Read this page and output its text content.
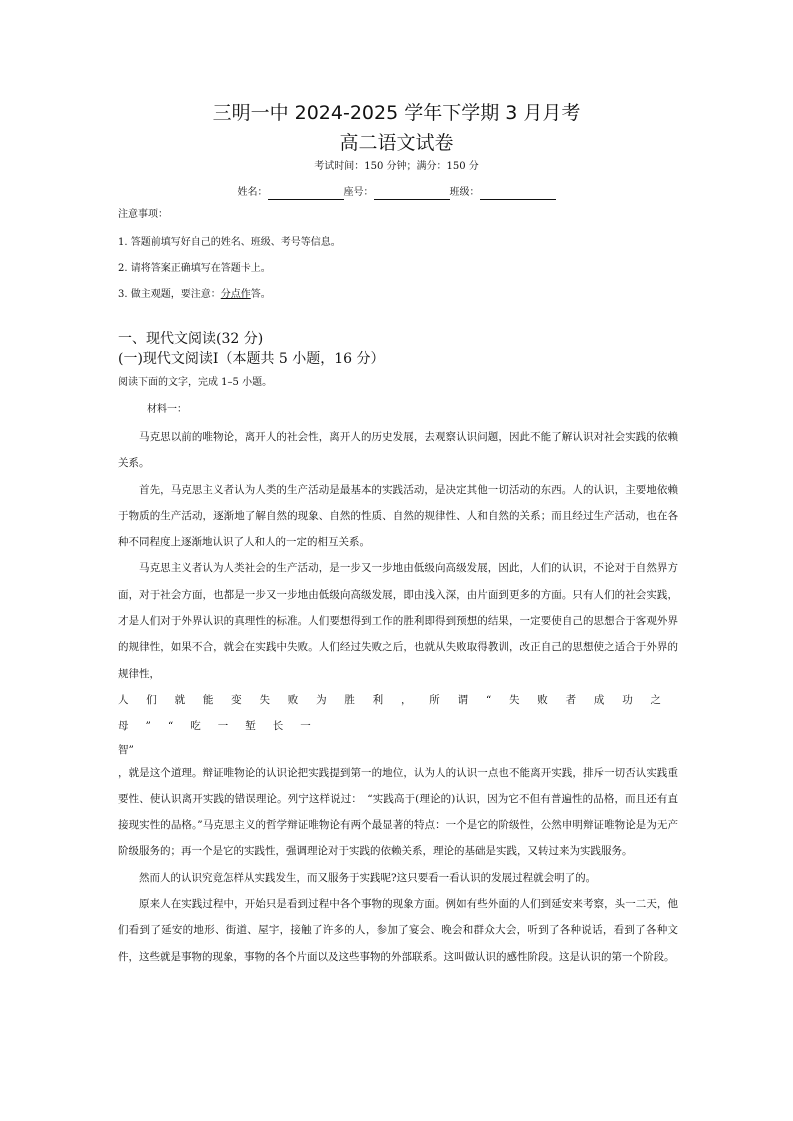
三明一中 2024-2025 学年下学期 3 月月考
高二语文试卷
考试时间：150 分钟；满分：150 分
姓名：	座号：	班级：
注意事项：
1. 答题前填写好自己的姓名、班级、考号等信息。
2. 请将答案正确填写在答题卡上。
3. 做主观题，要注意：分点作答。
一、现代文阅读(32 分)
(一)现代文阅读Ⅰ（本题共 5 小题，16 分）
阅读下面的文字，完成 1–5 小题。
材料一：

马克思以前的唯物论，离开人的社会性，离开人的历史发展，去观察认识问题，因此不能了解认识对社会实践的依赖关系。

首先，马克思主义者认为人类的生产活动是最基本的实践活动，是决定其他一切活动的东西。人的认识，主要地依赖于物质的生产活动，逐渐地了解自然的现象、自然的性质、自然的规律性、人和自然的关系；而且经过生产活动，也在各种不同程度上逐渐地认识了人和人的一定的相互关系。

马克思主义者认为人类社会的生产活动，是一步又一步地由低级向高级发展，因此，人们的认识，不论对于自然界方面，对于社会方面，也都是一步又一步地由低级向高级发展，即由浅入深，由片面到更多的方面。只有人们的社会实践，才是人们对于外界认识的真理性的标准。人们要想得到工作的胜利即得到预想的结果，一定要使自己的思想合于客观外界的规律性，如果不合，就会在实践中失败。人们经过失败之后，也就从失败取得教训，改正自己的思想使之适合于外界的规律性，

人们就能变失败为胜利，所谓“失败者成功之母”“吃一堑长一

智”

，就是这个道理。辩证唯物论的认识论把实践提到第一的地位，认为人的认识一点也不能离开实践，排斥一切否认实践重要性、使认识离开实践的错误理论。列宁这样说过：　“实践高于(理论的)认识，因为它不但有普遍性的品格，而且还有直接现实性的品格。”马克思主义的哲学辩证唯物论有两个最显著的特点：一个是它的阶级性，公然申明辩证唯物论是为无产阶级服务的；再一个是它的实践性，强调理论对于实践的依赖关系，理论的基础是实践，又转过来为实践服务。

然而人的认识究竟怎样从实践发生，而又服务于实践呢?这只要看一看认识的发展过程就会明了的。

原来人在实践过程中，开始只是看到过程中各个事物的现象方面。例如有些外面的人们到延安来考察，头一二天，他们看到了延安的地形、街道、屋宇，接触了许多的人，参加了宴会、晚会和群众大会，听到了各种说话，看到了各种文件，这些就是事物的现象，事物的各个片面以及这些事物的外部联系。这叫做认识的感性阶段。这是认识的第一个阶段。
